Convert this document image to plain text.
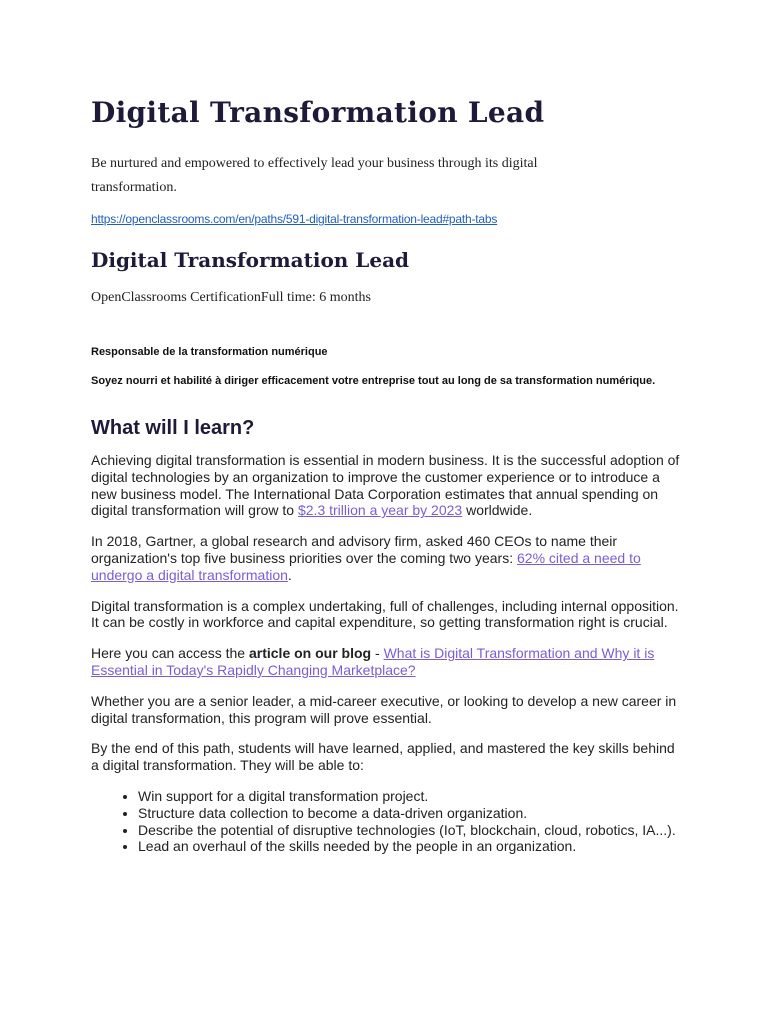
Digital Transformation Lead

Be nurtured and empowered to effectively lead your business through its digital transformation.

https://openclassrooms.com/en/paths/591-digital-transformation-lead#path-tabs
Digital Transformation Lead

OpenClassrooms CertificationFull time: 6 months

Responsable de la transformation numérique

Soyez nourri et habilité à diriger efficacement votre entreprise tout au long de sa transformation numérique.

What will I learn?

Achieving digital transformation is essential in modern business. It is the successful adoption of digital technologies by an organization to improve the customer experience or to introduce a new business model. The International Data Corporation estimates that annual spending on digital transformation will grow to $2.3 trillion a year by 2023 worldwide.

In 2018, Gartner, a global research and advisory firm, asked 460 CEOs to name their organization's top five business priorities over the coming two years: 62% cited a need to undergo a digital transformation.

Digital transformation is a complex undertaking, full of challenges, including internal opposition. It can be costly in workforce and capital expenditure, so getting transformation right is crucial.

Here you can access the article on our blog - What is Digital Transformation and Why it is Essential in Today's Rapidly Changing Marketplace?

Whether you are a senior leader, a mid-career executive, or looking to develop a new career in digital transformation, this program will prove essential.

By the end of this path, students will have learned, applied, and mastered the key skills behind a digital transformation. They will be able to:

• Win support for a digital transformation project.
• Structure data collection to become a data-driven organization.
• Describe the potential of disruptive technologies (IoT, blockchain, cloud, robotics, IA...).
• Lead an overhaul of the skills needed by the people in an organization.
